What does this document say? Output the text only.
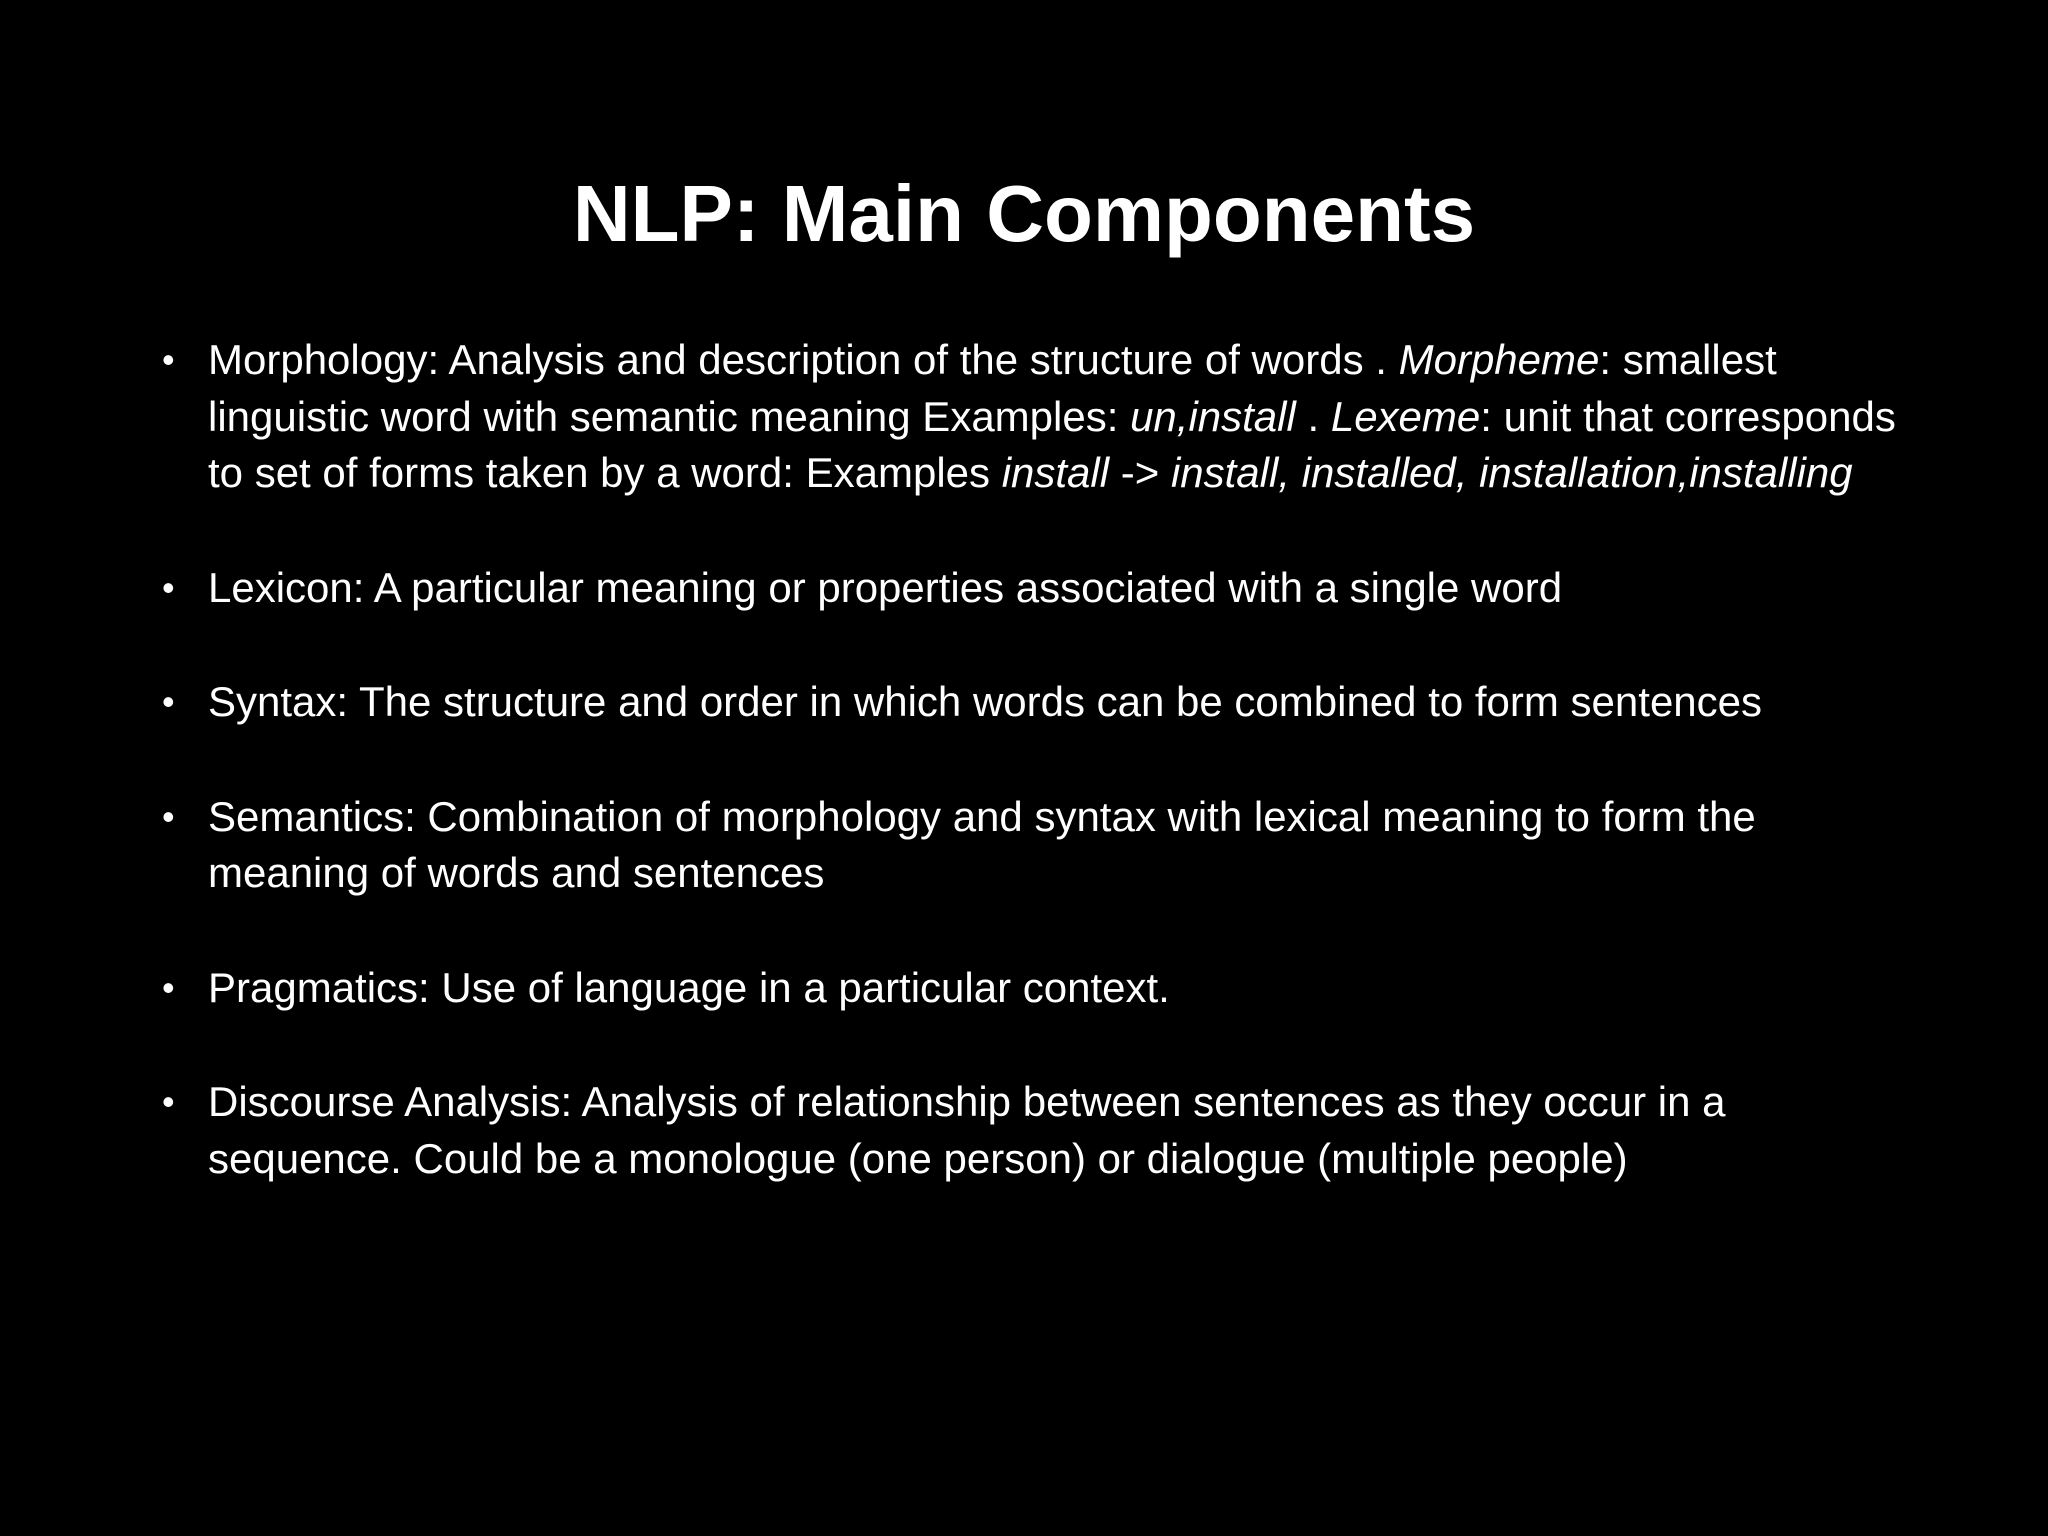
NLP: Main Components
• Morphology: Analysis and description of the structure of words . Morpheme: smallest linguistic word with semantic meaning Examples: un,install . Lexeme: unit that corresponds to set of forms taken by a word: Examples install -> install, installed, installation,installing
• Lexicon: A particular meaning or properties associated with a single word
• Syntax: The structure and order in which words can be combined to form sentences
• Semantics: Combination of morphology and syntax with lexical meaning to form the meaning of words and sentences
• Pragmatics: Use of language in a particular context.
• Discourse Analysis: Analysis of relationship between sentences as they occur in a sequence. Could be a monologue (one person) or dialogue (multiple people)
